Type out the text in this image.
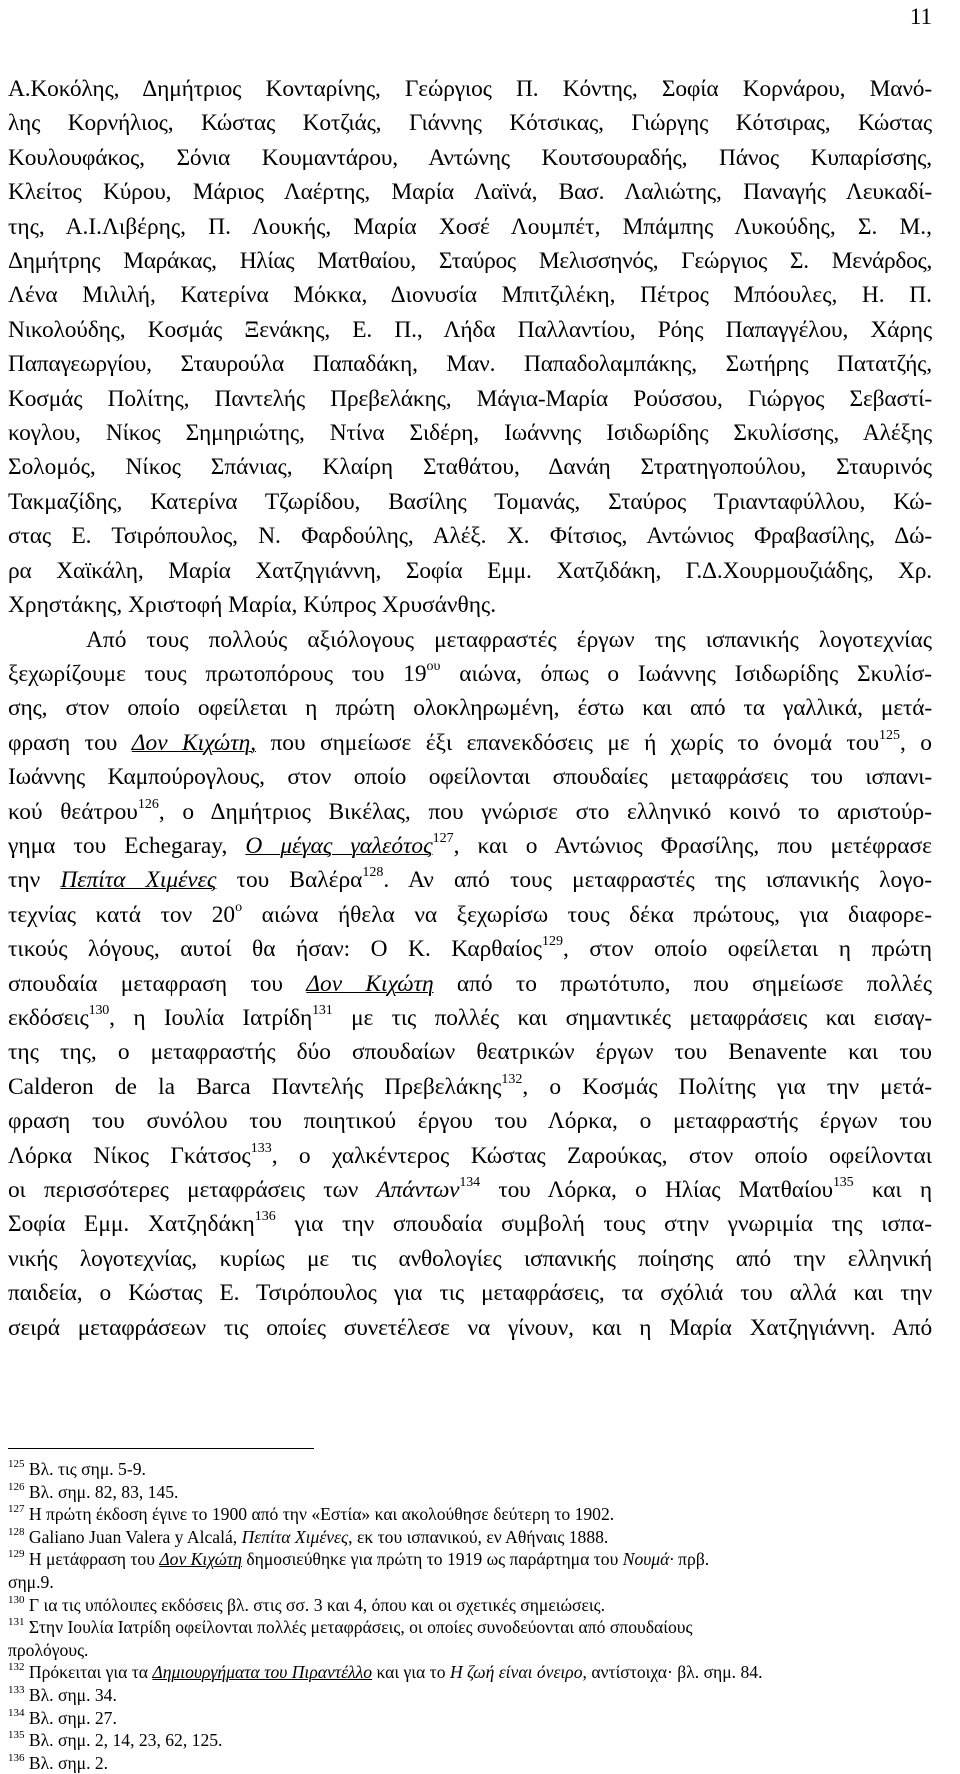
11

Α.Κοκόλης, Δημήτριος Κονταρίνης, Γεώργιος Π. Κόντης, Σοφία Κορνάρου, Μανό-
λης Κορνήλιος, Κώστας Κοτζιάς, Γιάννης Κότσικας, Γιώργης Κότσιρας, Κώστας
Κουλουφάκος, Σόνια Κουμαντάρου, Αντώνης Κουτσουραδής, Πάνος Κυπαρίσσης,
Κλείτος Κύρου, Μάριος Λαέρτης, Μαρία Λαϊνά, Βασ. Λαλιώτης, Παναγής Λευκαδί-
της, Α.Ι.Λιβέρης, Π. Λουκής, Μαρία Χοσέ Λουμπέτ, Μπάμπης Λυκούδης, Σ. Μ.,
Δημήτρης Μαράκας, Ηλίας Ματθαίου, Σταύρος Μελισσηνός, Γεώργιος Σ. Μενάρδος,
Λένα Μιλιλή, Κατερίνα Μόκκα, Διονυσία Μπιτζιλέκη, Πέτρος Μπόουλες, Η. Π.
Νικολούδης, Κοσμάς Ξενάκης, Ε. Π., Λήδα Παλλαντίου, Ρόης Παπαγγέλου, Χάρης
Παπαγεωργίου, Σταυρούλα Παπαδάκη, Μαν. Παπαδολαμπάκης, Σωτήρης Πατατζής,
Κοσμάς Πολίτης, Παντελής Πρεβελάκης, Μάγια-Μαρία Ρούσσου, Γιώργος Σεβαστί-
κογλου, Νίκος Σημηριώτης, Ντίνα Σιδέρη, Ιωάννης Ισιδωρίδης Σκυλίσσης, Αλέξης
Σολομός, Νίκος Σπάνιας, Κλαίρη Σταθάτου, Δανάη Στρατηγοπούλου, Σταυρινός
Τακμαζίδης, Κατερίνα Τζωρίδου, Βασίλης Τομανάς, Σταύρος Τριανταφύλλου, Κώ-
στας Ε. Τσιρόπουλος, Ν. Φαρδούλης, Αλέξ. Χ. Φίτσιος, Αντώνιος Φραβασίλης, Δώ-
ρα Χαϊκάλη, Μαρία Χατζηγιάννη, Σοφία Εμμ. Χατζιδάκη, Γ.Δ.Χουρμουζιάδης, Χρ.
Χρηστάκης, Χριστοφή Μαρία, Κύπρος Χρυσάνθης.

Από τους πολλούς αξιόλογους μεταφραστές έργων της ισπανικής λογοτεχνίας
ξεχωρίζουμε τους πρωτοπόρους του $19^{o\upsilon}$ αιώνα, όπως ο Ιωάννης Ισιδωρίδης Σκυλίσ-
σης, στον οποίο οφείλεται η πρώτη ολοκληρωμένη, έστω και από τα γαλλικά, μετά-
φραση του Δον Κιχώτη, που σημείωσε έξι επανεκδόσεις με ή χωρίς το όνομά του$^{125}$, ο
Ιωάννης Καμπούρογλους, στον οποίο οφείλονται σπουδαίες μεταφράσεις του ισπανι-
κού θεάτρου$^{126}$, ο Δημήτριος Βικέλας, που γνώρισε στο ελληνικό κοινό το αριστούρ-
γημα του Echegaray, Ο μέγας γαλεότος$^{127}$, και ο Αντώνιος Φρασίλης, που μετέφρασε
την Πεπίτα Χιμένες του Βαλέρα$^{128}$. Αν από τους μεταφραστές της ισπανικής λογο-
τεχνίας κατά τον $20^o$ αιώνα ήθελα να ξεχωρίσω τους δέκα πρώτους, για διαφορε-
τικούς λόγους, αυτοί θα ήσαν: Ο Κ. Καρθαίος$^{129}$, στον οποίο οφείλεται η πρώτη
σπουδαία μεταφραση του Δον Κιχώτη από το πρωτότυπο, που σημείωσε πολλές
εκδόσεις$^{130}$, η Ιουλία Ιατρίδη$^{131}$ με τις πολλές και σημαντικές μεταφράσεις και εισαγ-
της της, ο μεταφραστής δύο σπουδαίων θεατρικών έργων του Benavente και του
Calderon de la Barca Παντελής Πρεβελάκης$^{132}$, ο Κοσμάς Πολίτης για την μετά-
φραση του συνόλου του ποιητικού έργου του Λόρκα, ο μεταφραστής έργων του
Λόρκα Νίκος Γκάτσος$^{133}$, ο χαλκέντερος Κώστας Ζαρούκας, στον οποίο οφείλονται
οι περισσότερες μεταφράσεις των Απάντων$^{134}$ του Λόρκα, ο Ηλίας Ματθαίου$^{135}$ και η
Σοφία Εμμ. Χατζηδάκη$^{136}$ για την σπουδαία συμβολή τους στην γνωριμία της ισπα-
νικής λογοτεχνίας, κυρίως με τις ανθολογίες ισπανικής ποίησης από την ελληνική
παιδεία, ο Κώστας Ε. Τσιρόπουλος για τις μεταφράσεις, τα σχόλιά του αλλά και την
σειρά μεταφράσεων τις οποίες συνετέλεσε να γίνουν, και η Μαρία Χατζηγιάννη. Από

$^{125}$ Βλ. τις σημ. 5-9.
$^{126}$ Βλ. σημ. 82, 83, 145.
$^{127}$ Η πρώτη έκδοση έγινε το 1900 από την «Εστία» και ακολούθησε δεύτερη το 1902.
$^{128}$ Galiano Juan Valera y Alcalá, Πεπίτα Χιμένες, εκ του ισπανικού, εν Αθήναις 1888.
$^{129}$ Η μετάφραση του Δον Κιχώτη δημοσιεύθηκε για πρώτη το 1919 ως παράρτημα του Νουμά· πρβ.
σημ.9.
$^{130}$ Γ ια τις υπόλοιπες εκδόσεις βλ. στις σσ. 3 και 4, όπου και οι σχετικές σημειώσεις.
$^{131}$ Στην Ιουλία Ιατρίδη οφείλονται πολλές μεταφράσεις, οι οποίες συνοδεύονται από σπουδαίους
προλόγους.
$^{132}$ Πρόκειται για τα Δημιουργήματα του Πιραντέλλο και για το Η ζωή είναι όνειρο, αντίστοιχα· βλ. σημ. 84.
$^{133}$ Βλ. σημ. 34.
$^{134}$ Βλ. σημ. 27.
$^{135}$ Βλ. σημ. 2, 14, 23, 62, 125.
$^{136}$ Βλ. σημ. 2.
